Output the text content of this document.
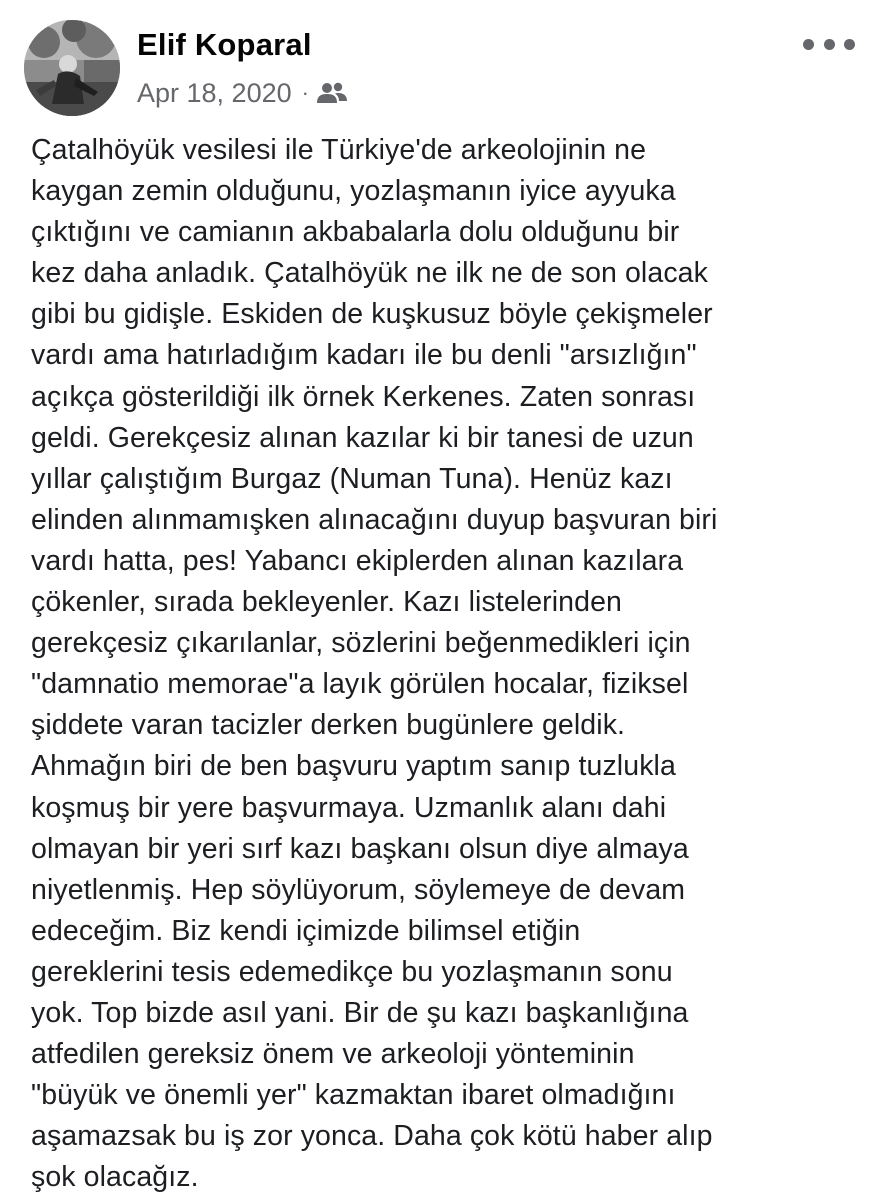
Elif Koparal
Apr 18, 2020 ·

Çatalhöyük vesilesi ile Türkiye'de arkeolojinin ne
kaygan zemin olduğunu, yozlaşmanın iyice ayyuka
çıktığını ve camianın akbabalarla dolu olduğunu bir
kez daha anladık. Çatalhöyük ne ilk ne de son olacak
gibi bu gidişle. Eskiden de kuşkusuz böyle çekişmeler
vardı ama hatırladığım kadarı ile bu denli "arsızlığın"
açıkça gösterildiği ilk örnek Kerkenes. Zaten sonrası
geldi. Gerekçesiz alınan kazılar ki bir tanesi de uzun
yıllar çalıştığım Burgaz (Numan Tuna). Henüz kazı
elinden alınmamışken alınacağını duyup başvuran biri
vardı hatta, pes! Yabancı ekiplerden alınan kazılara
çökenler, sırada bekleyenler. Kazı listelerinden
gerekçesiz çıkarılanlar, sözlerini beğenmedikleri için
"damnatio memorae"a layık görülen hocalar, fiziksel
şiddete varan tacizler derken bugünlere geldik.
Ahmağın biri de ben başvuru yaptım sanıp tuzlukla
koşmuş bir yere başvurmaya. Uzmanlık alanı dahi
olmayan bir yeri sırf kazı başkanı olsun diye almaya
niyetlenmiş. Hep söylüyorum, söylemeye de devam
edeceğim. Biz kendi içimizde bilimsel etiğin
gereklerini tesis edemedikçe bu yozlaşmanın sonu
yok. Top bizde asıl yani. Bir de şu kazı başkanlığına
atfedilen gereksiz önem ve arkeoloji yönteminin
"büyük ve önemli yer" kazmaktan ibaret olmadığını
aşamazsak bu iş zor yonca. Daha çok kötü haber alıp
şok olacağız.
